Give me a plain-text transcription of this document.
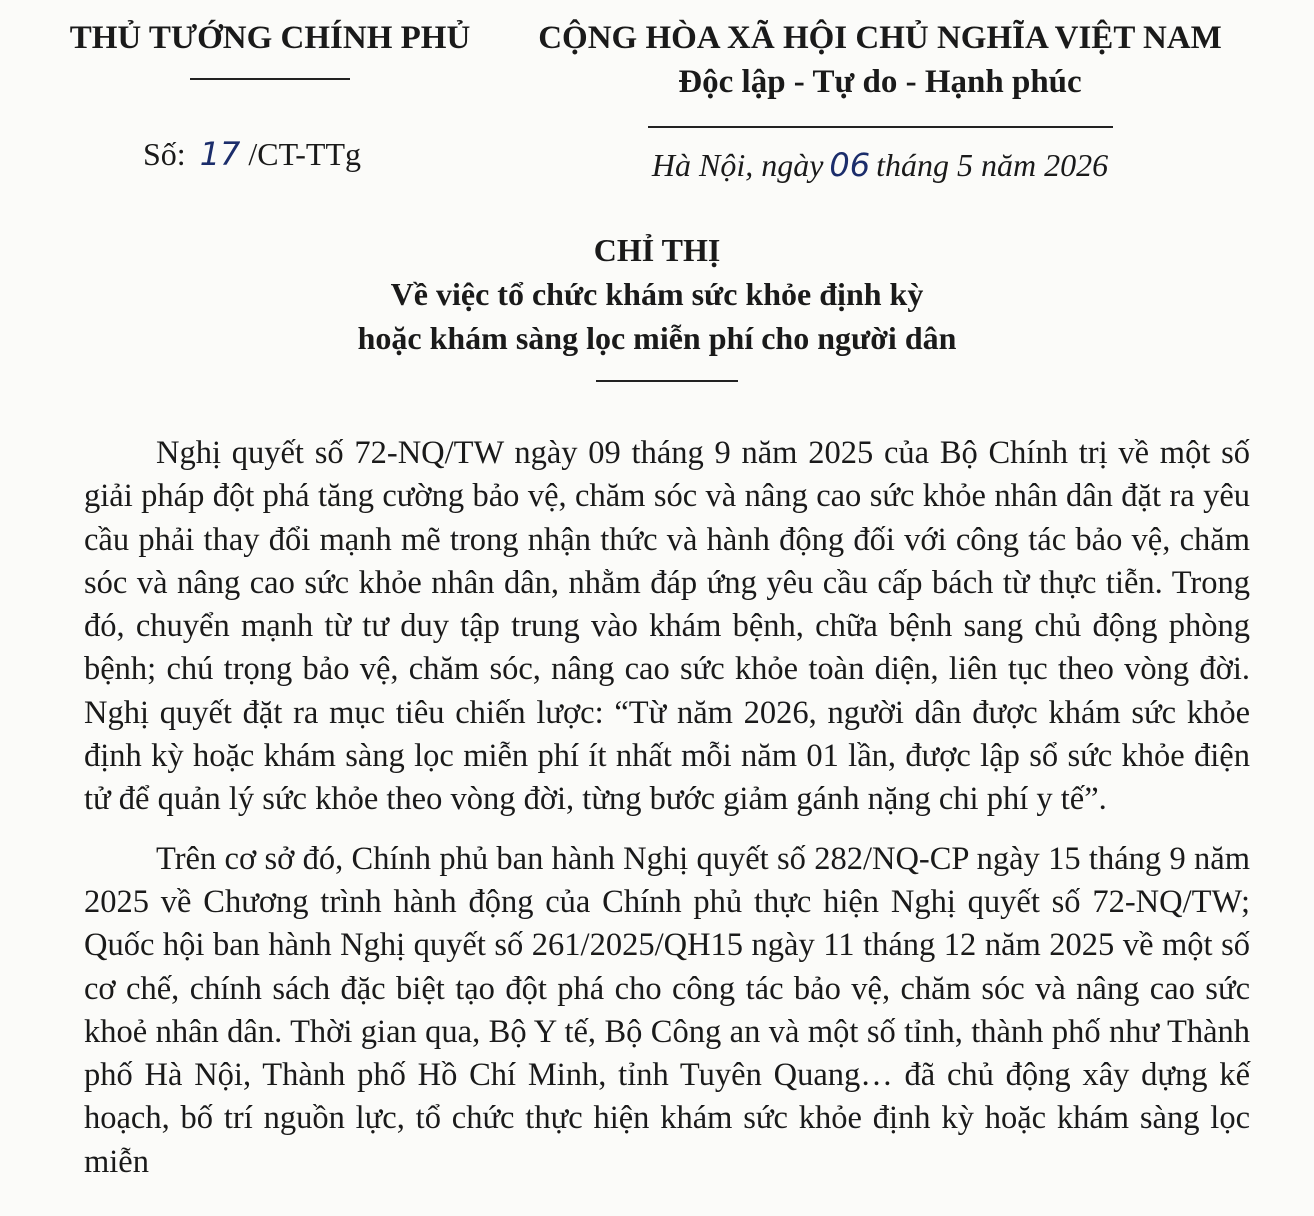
THỦ TƯỚNG CHÍNH PHỦ	CỘNG HÒA XÃ HỘI CHỦ NGHĨA VIỆT NAM
Độc lập - Tự do - Hạnh phúc
Số: 17 /CT-TTg	Hà Nội, ngày 06 tháng 5 năm 2026
CHỈ THỊ
Về việc tổ chức khám sức khỏe định kỳ
hoặc khám sàng lọc miễn phí cho người dân

Nghị quyết số 72-NQ/TW ngày 09 tháng 9 năm 2025 của Bộ Chính trị về một số giải pháp đột phá tăng cường bảo vệ, chăm sóc và nâng cao sức khỏe nhân dân đặt ra yêu cầu phải thay đổi mạnh mẽ trong nhận thức và hành động đối với công tác bảo vệ, chăm sóc và nâng cao sức khỏe nhân dân, nhằm đáp ứng yêu cầu cấp bách từ thực tiễn. Trong đó, chuyển mạnh từ tư duy tập trung vào khám bệnh, chữa bệnh sang chủ động phòng bệnh; chú trọng bảo vệ, chăm sóc, nâng cao sức khỏe toàn diện, liên tục theo vòng đời. Nghị quyết đặt ra mục tiêu chiến lược: “Từ năm 2026, người dân được khám sức khỏe định kỳ hoặc khám sàng lọc miễn phí ít nhất mỗi năm 01 lần, được lập sổ sức khỏe điện tử để quản lý sức khỏe theo vòng đời, từng bước giảm gánh nặng chi phí y tế”.

Trên cơ sở đó, Chính phủ ban hành Nghị quyết số 282/NQ-CP ngày 15 tháng 9 năm 2025 về Chương trình hành động của Chính phủ thực hiện Nghị quyết số 72-NQ/TW; Quốc hội ban hành Nghị quyết số 261/2025/QH15 ngày 11 tháng 12 năm 2025 về một số cơ chế, chính sách đặc biệt tạo đột phá cho công tác bảo vệ, chăm sóc và nâng cao sức khoẻ nhân dân. Thời gian qua, Bộ Y tế, Bộ Công an và một số tỉnh, thành phố như Thành phố Hà Nội, Thành phố Hồ Chí Minh, tỉnh Tuyên Quang… đã chủ động xây dựng kế hoạch, bố trí nguồn lực, tổ chức thực hiện khám sức khỏe định kỳ hoặc khám sàng lọc miễn
